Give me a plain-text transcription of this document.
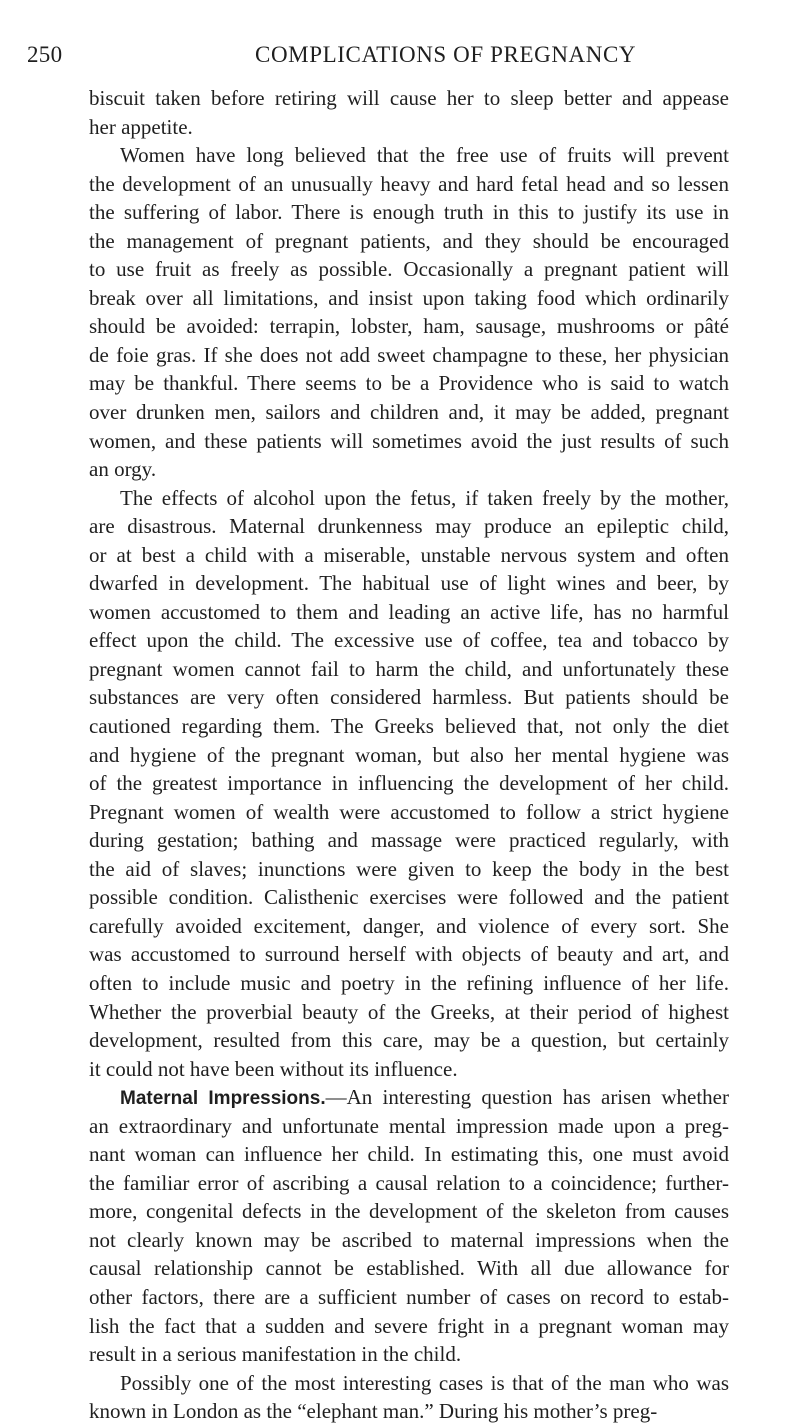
250	COMPLICATIONS OF PREGNANCY
biscuit taken before retiring will cause her to sleep better and appease
her appetite.
Women have long believed that the free use of fruits will prevent
the development of an unusually heavy and hard fetal head and so lessen
the suffering of labor. There is enough truth in this to justify its use in
the management of pregnant patients, and they should be encouraged
to use fruit as freely as possible. Occasionally a pregnant patient will
break over all limitations, and insist upon taking food which ordinarily
should be avoided: terrapin, lobster, ham, sausage, mushrooms or pâté
de foie gras. If she does not add sweet champagne to these, her physician
may be thankful. There seems to be a Providence who is said to watch
over drunken men, sailors and children and, it may be added, pregnant
women, and these patients will sometimes avoid the just results of such
an orgy.
The effects of alcohol upon the fetus, if taken freely by the mother,
are disastrous. Maternal drunkenness may produce an epileptic child,
or at best a child with a miserable, unstable nervous system and often
dwarfed in development. The habitual use of light wines and beer, by
women accustomed to them and leading an active life, has no harmful
effect upon the child. The excessive use of coffee, tea and tobacco by
pregnant women cannot fail to harm the child, and unfortunately these
substances are very often considered harmless. But patients should be
cautioned regarding them. The Greeks believed that, not only the diet
and hygiene of the pregnant woman, but also her mental hygiene was
of the greatest importance in influencing the development of her child.
Pregnant women of wealth were accustomed to follow a strict hygiene
during gestation; bathing and massage were practiced regularly, with
the aid of slaves; inunctions were given to keep the body in the best
possible condition. Calisthenic exercises were followed and the patient
carefully avoided excitement, danger, and violence of every sort. She
was accustomed to surround herself with objects of beauty and art, and
often to include music and poetry in the refining influence of her life.
Whether the proverbial beauty of the Greeks, at their period of highest
development, resulted from this care, may be a question, but certainly
it could not have been without its influence.
Maternal Impressions.—An interesting question has arisen whether
an extraordinary and unfortunate mental impression made upon a preg-
nant woman can influence her child. In estimating this, one must avoid
the familiar error of ascribing a causal relation to a coincidence; further-
more, congenital defects in the development of the skeleton from causes
not clearly known may be ascribed to maternal impressions when the
causal relationship cannot be established. With all due allowance for
other factors, there are a sufficient number of cases on record to estab-
lish the fact that a sudden and severe fright in a pregnant woman may
result in a serious manifestation in the child.
Possibly one of the most interesting cases is that of the man who was
known in London as the “elephant man.” During his mother’s preg-
